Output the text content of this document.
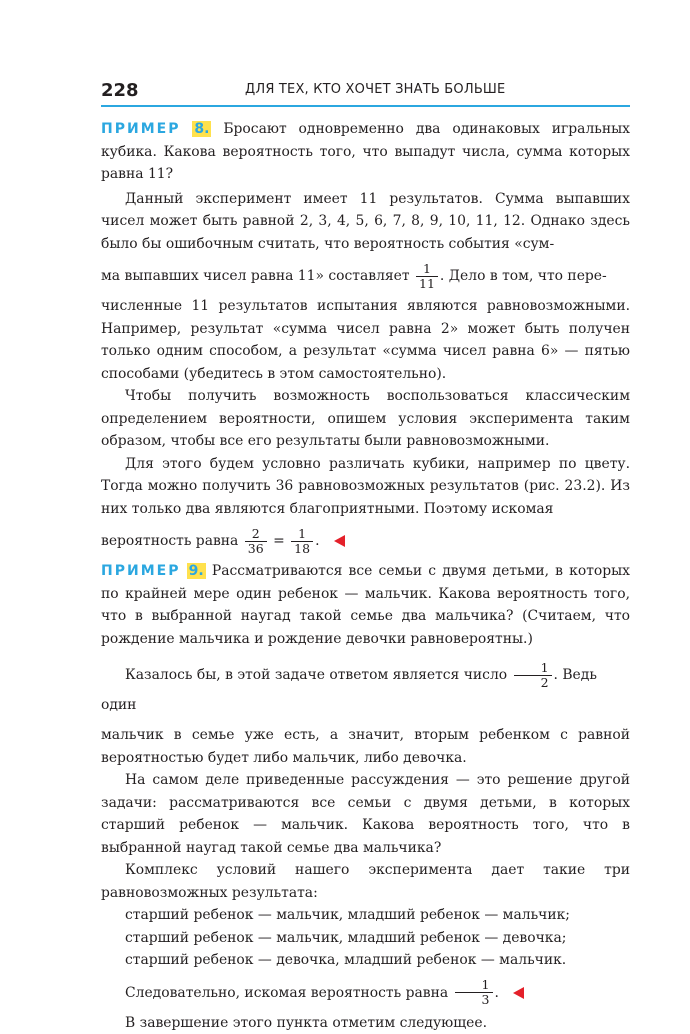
228	ДЛЯ ТЕХ, КТО ХОЧЕТ ЗНАТЬ БОЛЬШЕ

ПРИМЕР 8. Бросают одновременно два одинаковых игральных кубика. Какова вероятность того, что выпадут числа, сумма которых равна 11?

Данный эксперимент имеет 11 результатов. Сумма выпавших чисел может быть равной 2, 3, 4, 5, 6, 7, 8, 9, 10, 11, 12. Однако здесь было бы ошибочным считать, что вероятность события «сум-

ма выпавших чисел равна 11» составляет $\frac{1}{11}$ . Дело в том, что пере-

численные 11 результатов испытания являются равновозможными. Например, результат «сумма чисел равна 2» может быть получен только одним способом, а результат «сумма чисел равна 6» — пятью способами (убедитесь в этом самостоятельно).

Чтобы получить возможность воспользоваться классическим определением вероятности, опишем условия эксперимента таким образом, чтобы все его результаты были равновозможными.

Для этого будем условно различать кубики, например по цвету. Тогда можно получить 36 равновозможных результатов (рис. 23.2). Из них только два являются благоприятными. Поэтому искомая

вероятность равна $\frac{2}{36} = \frac{1}{18}$ .

ПРИМЕР 9. Рассматриваются все семьи с двумя детьми, в которых по крайней мере один ребенок — мальчик. Какова вероятность того, что в выбранной наугад такой семье два мальчика? (Считаем, что рождение мальчика и рождение девочки равновероятны.)

Казалось бы, в этой задаче ответом является число $\frac{1}{2}$ . Ведь один

мальчик в семье уже есть, а значит, вторым ребенком с равной вероятностью будет либо мальчик, либо девочка.

На самом деле приведенные рассуждения — это решение другой задачи: рассматриваются все семьи с двумя детьми, в которых старший ребенок — мальчик. Какова вероятность того, что в выбранной наугад такой семье два мальчика?

Комплекс условий нашего эксперимента дает такие три равновозможных результата:

старший ребенок — мальчик, младший ребенок — мальчик;

старший ребенок — мальчик, младший ребенок — девочка;

старший ребенок — девочка, младший ребенок — мальчик.

Следовательно, искомая вероятность равна $\frac{1}{3}$ .

В завершение этого пункта отметим следующее.
